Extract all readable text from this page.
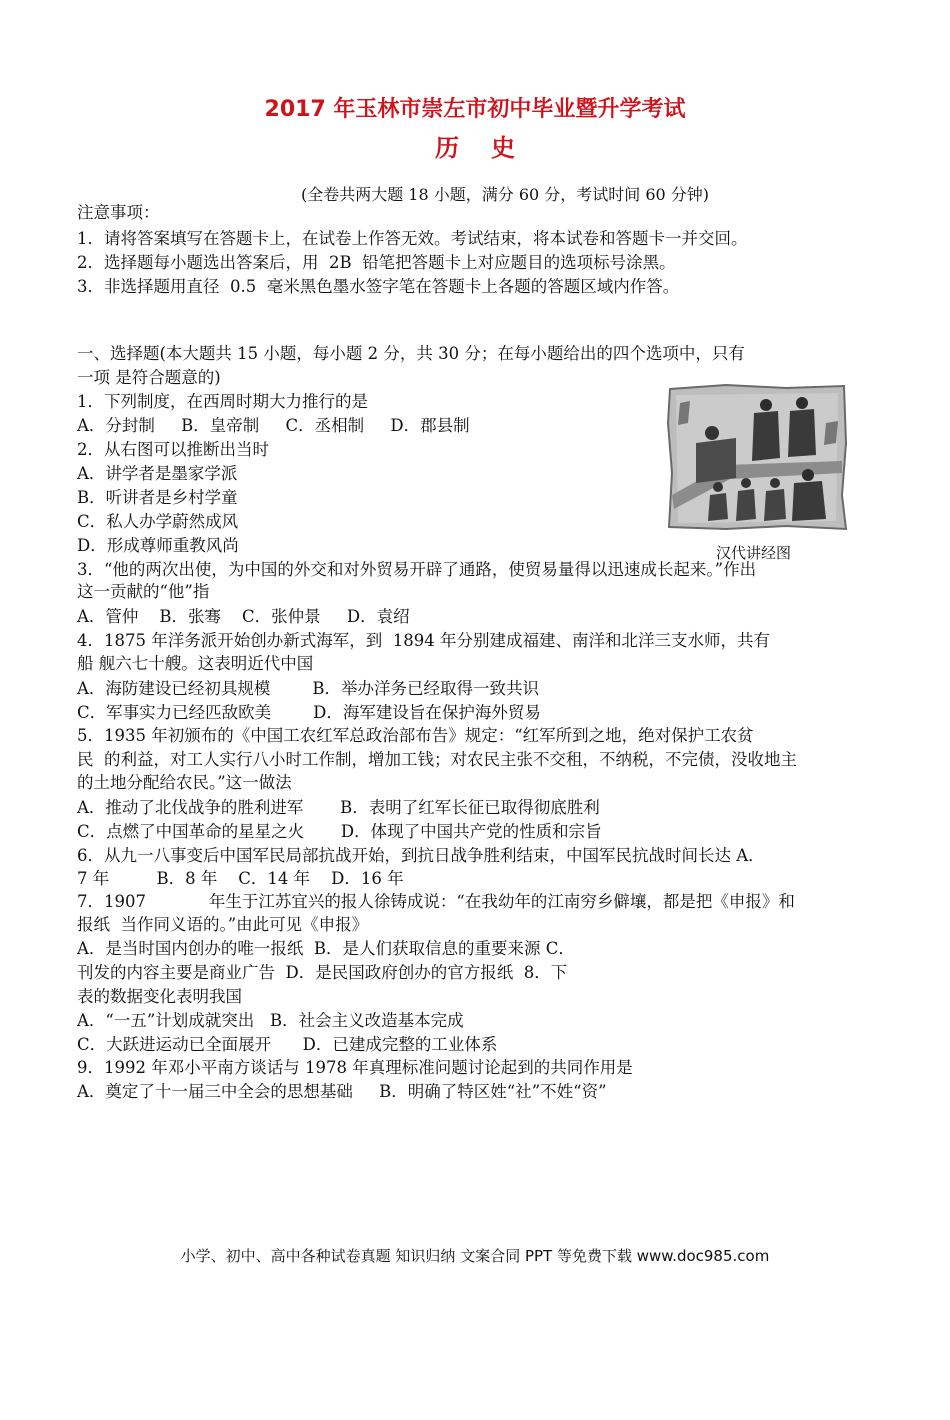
2017 年玉林市崇左市初中毕业暨升学考试
历史
(全卷共两大题 18 小题，满分 60 分，考试时间 60 分钟)
注意事项：
1．请将答案填写在答题卡上，在试卷上作答无效。考试结束，将本试卷和答题卡一并交回。
2．选择题每小题选出答案后，用  2B  铅笔把答题卡上对应题目的选项标号涂黑。
3．非选择题用直径  0.5  毫米黑色墨水签字笔在答题卡上各题的答题区域内作答。
一、选择题(本大题共 15 小题，每小题 2 分，共 30 分；在每小题给出的四个选项中，只有
一项 是符合题意的)
1．下列制度，在西周时期大力推行的是
A．分封制     B．皇帝制     C．丞相制     D．郡县制
2．从右图可以推断出当时
A．讲学者是墨家学派
B．听讲者是乡村学童
C．私人办学蔚然成风
D．形成尊师重教风尚
3．“他的两次出使，为中国的外交和对外贸易开辟了通路，使贸易量得以迅速成长起来。”作出
这一贡献的“他”指
A．管仲    B．张骞    C．张仲景     D．袁绍
4．1875 年洋务派开始创办新式海军，到  1894 年分别建成福建、南洋和北洋三支水师，共有
船 舰六七十艘。这表明近代中国
A．海防建设已经初具规模        B．举办洋务已经取得一致共识
C．军事实力已经匹敌欧美        D．海军建设旨在保护海外贸易
5．1935 年初颁布的《中国工农红军总政治部布告》规定：“红军所到之地，绝对保护工农贫
民  的利益，对工人实行八小时工作制，增加工钱；对农民主张不交租，不纳税，不完债，没收地主
的土地分配给农民。”这一做法
A．推动了北伐战争的胜利进军       B．表明了红军长征已取得彻底胜利
C．点燃了中国革命的星星之火       D．体现了中国共产党的性质和宗旨
6．从九一八事变后中国军民局部抗战开始，到抗日战争胜利结束，中国军民抗战时间长达 A．
7 年         B．8 年    C．14 年    D．16 年
7．1907            年生于江苏宜兴的报人徐铸成说：“在我幼年的江南穷乡僻壤，都是把《申报》和
报纸  当作同义语的。”由此可见《申报》
A．是当时国内创办的唯一报纸  B．是人们获取信息的重要来源 C．
刊发的内容主要是商业广告  D．是民国政府创办的官方报纸  8．下
表的数据变化表明我国
A．“一五”计划成就突出   B．社会主义改造基本完成
C．大跃进运动已全面展开      D．已建成完整的工业体系
9．1992 年邓小平南方谈话与 1978 年真理标准问题讨论起到的共同作用是
A．奠定了十一届三中全会的思想基础     B．明确了特区姓“社”不姓“资”
汉代讲经图
小学、初中、高中各种试卷真题 知识归纳 文案合同 PPT 等免费下载 www.doc985.com
